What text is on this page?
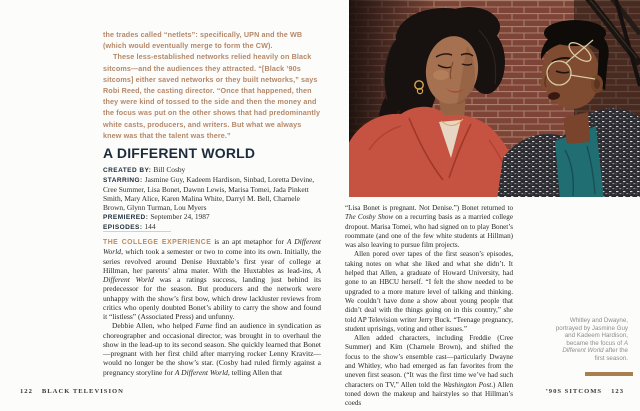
the trades called “netlets”: specifically, UPN and the WB (which would eventually merge to form the CW).

These less-established networks relied heavily on Black sitcoms—and the audiences they attracted. “[Black ’90s sitcoms] either saved networks or they built networks,” says Robi Reed, the casting director. “Once that happened, then they were kind of tossed to the side and then the money and the focus was put on the other shows that had predominantly white casts, producers, and writers. But what we always knew was that the talent was there.”

A DIFFERENT WORLD

CREATED BY: Bill Cosby

STARRING: Jasmine Guy, Kadeem Hardison, Sinbad, Loretta Devine, Cree Summer, Lisa Bonet, Dawnn Lewis, Marisa Tomei, Jada Pinkett Smith, Mary Alice, Karen Malina White, Darryl M. Bell, Charnele Brown, Glynn Turman, Lou Myers

PREMIERED: September 24, 1987

EPISODES: 144

THE COLLEGE EXPERIENCE is an apt metaphor for A Different World, which took a semester or two to come into its own. Initially, the series revolved around Denise Huxtable’s first year of college at Hillman, her parents’ alma mater. With the Huxtables as lead-ins, A Different World was a ratings success, landing just behind its predecessor for the season. But producers and the network were unhappy with the show’s first bow, which drew lackluster reviews from critics who openly doubted Bonet’s ability to carry the show and found it “listless” (Associated Press) and unfunny.

Debbie Allen, who helped Fame find an audience in syndication as choreographer and occasional director, was brought in to overhaul the show in the lead-up to its second season. She quickly learned that Bonet—pregnant with her first child after marrying rocker Lenny Kravitz—would no longer be the show’s star. (Cosby had ruled firmly against a pregnancy storyline for A Different World, telling Allen that

122 BLACK TELEVISION

“Lisa Bonet is pregnant. Not Denise.”) Bonet returned to The Cosby Show on a recurring basis as a married college dropout. Marisa Tomei, who had signed on to play Bonet’s roommate (and one of the few white students at Hillman) was also leaving to pursue film projects.

Allen pored over tapes of the first season’s episodes, taking notes on what she liked and what she didn’t. It helped that Allen, a graduate of Howard University, had gone to an HBCU herself. “I felt the show needed to be upgraded to a more mature level of talking and thinking. We couldn’t have done a show about young people that didn’t deal with the things going on in this country,” she told AP Television writer Jerry Buck. “Teenage pregnancy, student uprisings, voting and other issues.”

Allen added characters, including Freddie (Cree Summer) and Kim (Charnele Brown), and shifted the focus to the show’s ensemble cast—particularly Dwayne and Whitley, who had emerged as fan favorites from the uneven first season. (“It was the first time we’ve had such characters on TV,” Allen told the Washington Post.) Allen toned down the makeup and hairstyles so that Hillman’s coeds

Whitley and Dwayne, portrayed by Jasmine Guy and Kadeem Hardison, became the focus of A Different World after the first season.
’90S SITCOMS 123
